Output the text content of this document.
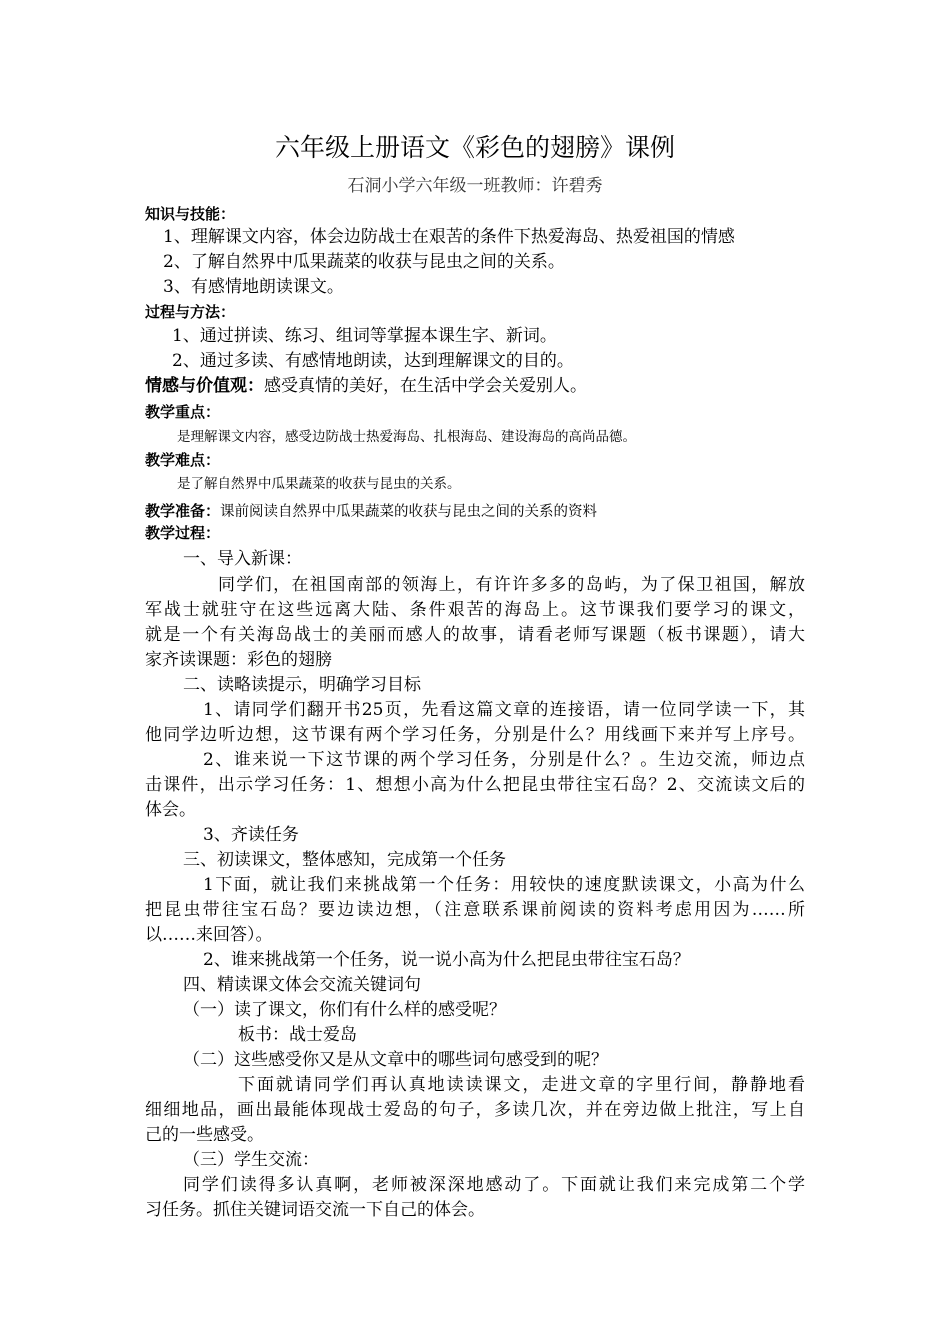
六年级上册语文《彩色的翅膀》课例
石洞小学六年级一班教师：许碧秀
知识与技能：
1、理解课文内容，体会边防战士在艰苦的条件下热爱海岛、热爱祖国的情感
2、了解自然界中瓜果蔬菜的收获与昆虫之间的关系。
3、有感情地朗读课文。
过程与方法：
1、通过拼读、练习、组词等掌握本课生字、新词。
2、通过多读、有感情地朗读，达到理解课文的目的。
情感与价值观：感受真情的美好，在生活中学会关爱别人。
教学重点：
是理解课文内容，感受边防战士热爱海岛、扎根海岛、建设海岛的高尚品德。
教学难点：
是了解自然界中瓜果蔬菜的收获与昆虫的关系。
教学准备：课前阅读自然界中瓜果蔬菜的收获与昆虫之间的关系的资料
教学过程：
一、导入新课：
同学们，在祖国南部的领海上，有许许多多的岛屿，为了保卫祖国，解放
军战士就驻守在这些远离大陆、条件艰苦的海岛上。这节课我们要学习的课文，
就是一个有关海岛战士的美丽而感人的故事，请看老师写课题（板书课题），请大
家齐读课题：彩色的翅膀
二、读略读提示，明确学习目标
1、请同学们翻开书25页，先看这篇文章的连接语，请一位同学读一下，其
他同学边听边想，这节课有两个学习任务，分别是什么？用线画下来并写上序号。
2、谁来说一下这节课的两个学习任务，分别是什么？。生边交流，师边点
击课件，出示学习任务：1、想想小高为什么把昆虫带往宝石岛？2、交流读文后的
体会。
3、齐读任务
三、初读课文，整体感知，完成第一个任务
1下面，就让我们来挑战第一个任务：用较快的速度默读课文，小高为什么
把昆虫带往宝石岛？要边读边想，（注意联系课前阅读的资料考虑用因为……所
以……来回答）。
2、谁来挑战第一个任务，说一说小高为什么把昆虫带往宝石岛？
四、精读课文体会交流关键词句
（一）读了课文，你们有什么样的感受呢？
板书：战士爱岛
（二）这些感受你又是从文章中的哪些词句感受到的呢？
下面就请同学们再认真地读读课文，走进文章的字里行间，静静地看
细细地品，画出最能体现战士爱岛的句子，多读几次，并在旁边做上批注，写上自
己的一些感受。
（三）学生交流：
同学们读得多认真啊，老师被深深地感动了。下面就让我们来完成第二个学
习任务。抓住关键词语交流一下自己的体会。
